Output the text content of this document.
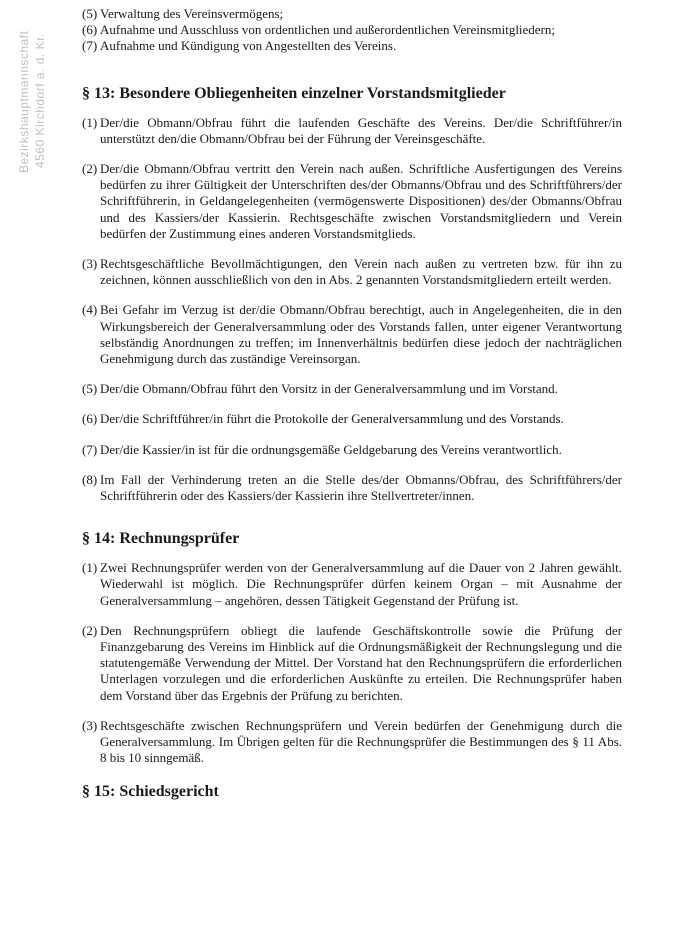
Bezirkshauptmannschaft 4560 Kirchdorf a. d. Kr.
(5) Verwaltung des Vereinsvermögens;
(6) Aufnahme und Ausschluss von ordentlichen und außerordentlichen Vereinsmitgliedern;
(7) Aufnahme und Kündigung von Angestellten des Vereins.
§ 13: Besondere Obliegenheiten einzelner Vorstandsmitglieder
(1) Der/die Obmann/Obfrau führt die laufenden Geschäfte des Vereins. Der/die Schriftführer/in unterstützt den/die Obmann/Obfrau bei der Führung der Vereinsgeschäfte.
(2) Der/die Obmann/Obfrau vertritt den Verein nach außen. Schriftliche Ausfertigungen des Vereins bedürfen zu ihrer Gültigkeit der Unterschriften des/der Obmanns/Obfrau und des Schriftführers/der Schriftführerin, in Geldangelegenheiten (vermögenswerte Dispositionen) des/der Obmanns/Obfrau und des Kassiers/der Kassierin. Rechtsgeschäfte zwischen Vorstandsmitgliedern und Verein bedürfen der Zustimmung eines anderen Vorstandsmitglieds.
(3) Rechtsgeschäftliche Bevollmächtigungen, den Verein nach außen zu vertreten bzw. für ihn zu zeichnen, können ausschließlich von den in Abs. 2 genannten Vorstandsmitgliedern erteilt werden.
(4) Bei Gefahr im Verzug ist der/die Obmann/Obfrau berechtigt, auch in Angelegenheiten, die in den Wirkungsbereich der Generalversammlung oder des Vorstands fallen, unter eigener Verantwortung selbständig Anordnungen zu treffen; im Innenverhältnis bedürfen diese jedoch der nachträglichen Genehmigung durch das zuständige Vereinsorgan.
(5) Der/die Obmann/Obfrau führt den Vorsitz in der Generalversammlung und im Vorstand.
(6) Der/die Schriftführer/in führt die Protokolle der Generalversammlung und des Vorstands.
(7) Der/die Kassier/in ist für die ordnungsgemäße Geldgebarung des Vereins verantwortlich.
(8) Im Fall der Verhinderung treten an die Stelle des/der Obmanns/Obfrau, des Schriftführers/der Schriftführerin oder des Kassiers/der Kassierin ihre Stellvertreter/innen.
§ 14: Rechnungsprüfer
(1) Zwei Rechnungsprüfer werden von der Generalversammlung auf die Dauer von 2 Jahren gewählt. Wiederwahl ist möglich. Die Rechnungsprüfer dürfen keinem Organ – mit Ausnahme der Generalversammlung – angehören, dessen Tätigkeit Gegenstand der Prüfung ist.
(2) Den Rechnungsprüfern obliegt die laufende Geschäftskontrolle sowie die Prüfung der Finanzgebarung des Vereins im Hinblick auf die Ordnungsmäßigkeit der Rechnungslegung und die statutengemäße Verwendung der Mittel. Der Vorstand hat den Rechnungsprüfern die erforderlichen Unterlagen vorzulegen und die erforderlichen Auskünfte zu erteilen. Die Rechnungsprüfer haben dem Vorstand über das Ergebnis der Prüfung zu berichten.
(3) Rechtsgeschäfte zwischen Rechnungsprüfern und Verein bedürfen der Genehmigung durch die Generalversammlung. Im Übrigen gelten für die Rechnungsprüfer die Bestimmungen des § 11 Abs. 8 bis 10 sinngemäß.
§ 15: Schiedsgericht
